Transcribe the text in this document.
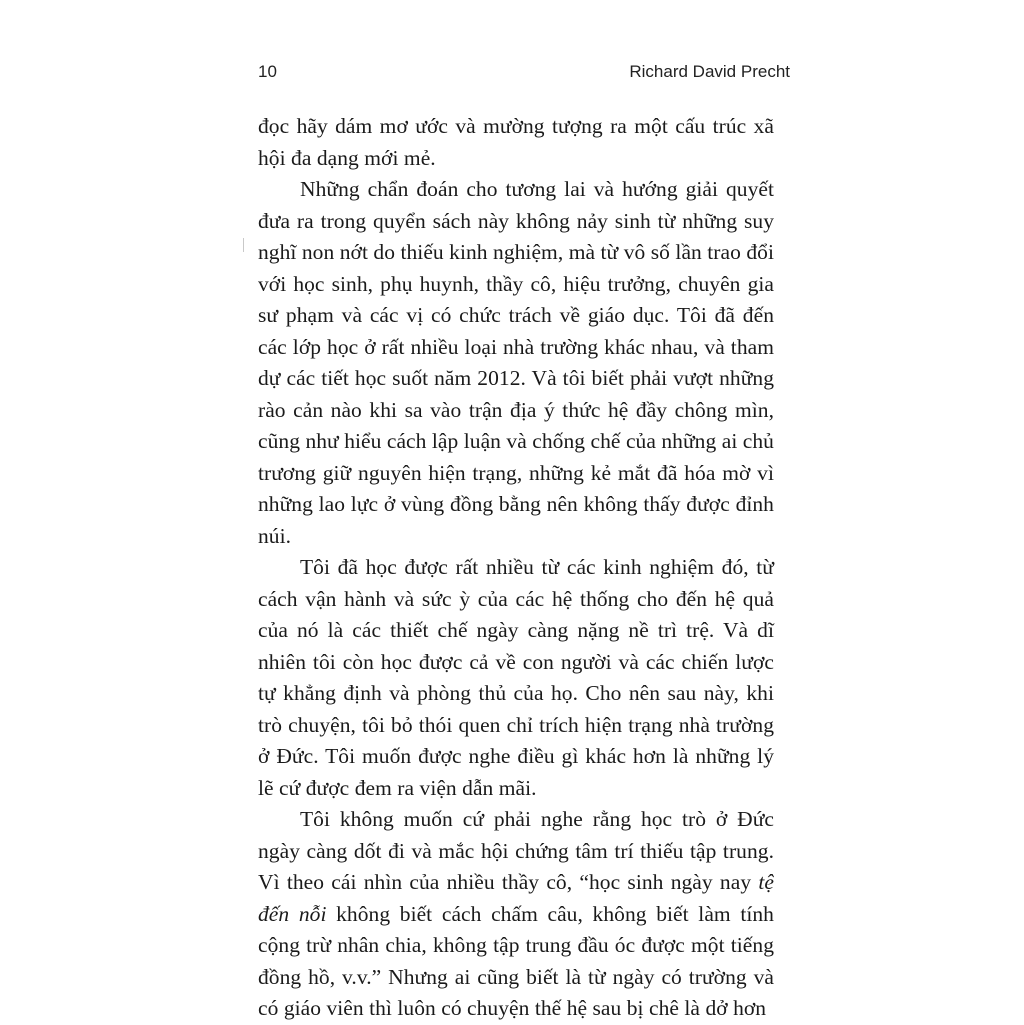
10	Richard David Precht

đọc hãy dám mơ ước và mường tượng ra một cấu trúc xã hội đa dạng mới mẻ.

Những chẩn đoán cho tương lai và hướng giải quyết đưa ra trong quyển sách này không nảy sinh từ những suy nghĩ non nớt do thiếu kinh nghiệm, mà từ vô số lần trao đổi với học sinh, phụ huynh, thầy cô, hiệu trưởng, chuyên gia sư phạm và các vị có chức trách về giáo dục. Tôi đã đến các lớp học ở rất nhiều loại nhà trường khác nhau, và tham dự các tiết học suốt năm 2012. Và tôi biết phải vượt những rào cản nào khi sa vào trận địa ý thức hệ đầy chông mìn, cũng như hiểu cách lập luận và chống chế của những ai chủ trương giữ nguyên hiện trạng, những kẻ mắt đã hóa mờ vì những lao lực ở vùng đồng bằng nên không thấy được đỉnh núi.

Tôi đã học được rất nhiều từ các kinh nghiệm đó, từ cách vận hành và sức ỳ của các hệ thống cho đến hệ quả của nó là các thiết chế ngày càng nặng nề trì trệ. Và dĩ nhiên tôi còn học được cả về con người và các chiến lược tự khẳng định và phòng thủ của họ. Cho nên sau này, khi trò chuyện, tôi bỏ thói quen chỉ trích hiện trạng nhà trường ở Đức. Tôi muốn được nghe điều gì khác hơn là những lý lẽ cứ được đem ra viện dẫn mãi.

Tôi không muốn cứ phải nghe rằng học trò ở Đức ngày càng dốt đi và mắc hội chứng tâm trí thiếu tập trung. Vì theo cái nhìn của nhiều thầy cô, “học sinh ngày nay tệ đến nỗi không biết cách chấm câu, không biết làm tính cộng trừ nhân chia, không tập trung đầu óc được một tiếng đồng hồ, v.v.” Nhưng ai cũng biết là từ ngày có trường và có giáo viên thì luôn có chuyện thế hệ sau bị chê là dở hơn
